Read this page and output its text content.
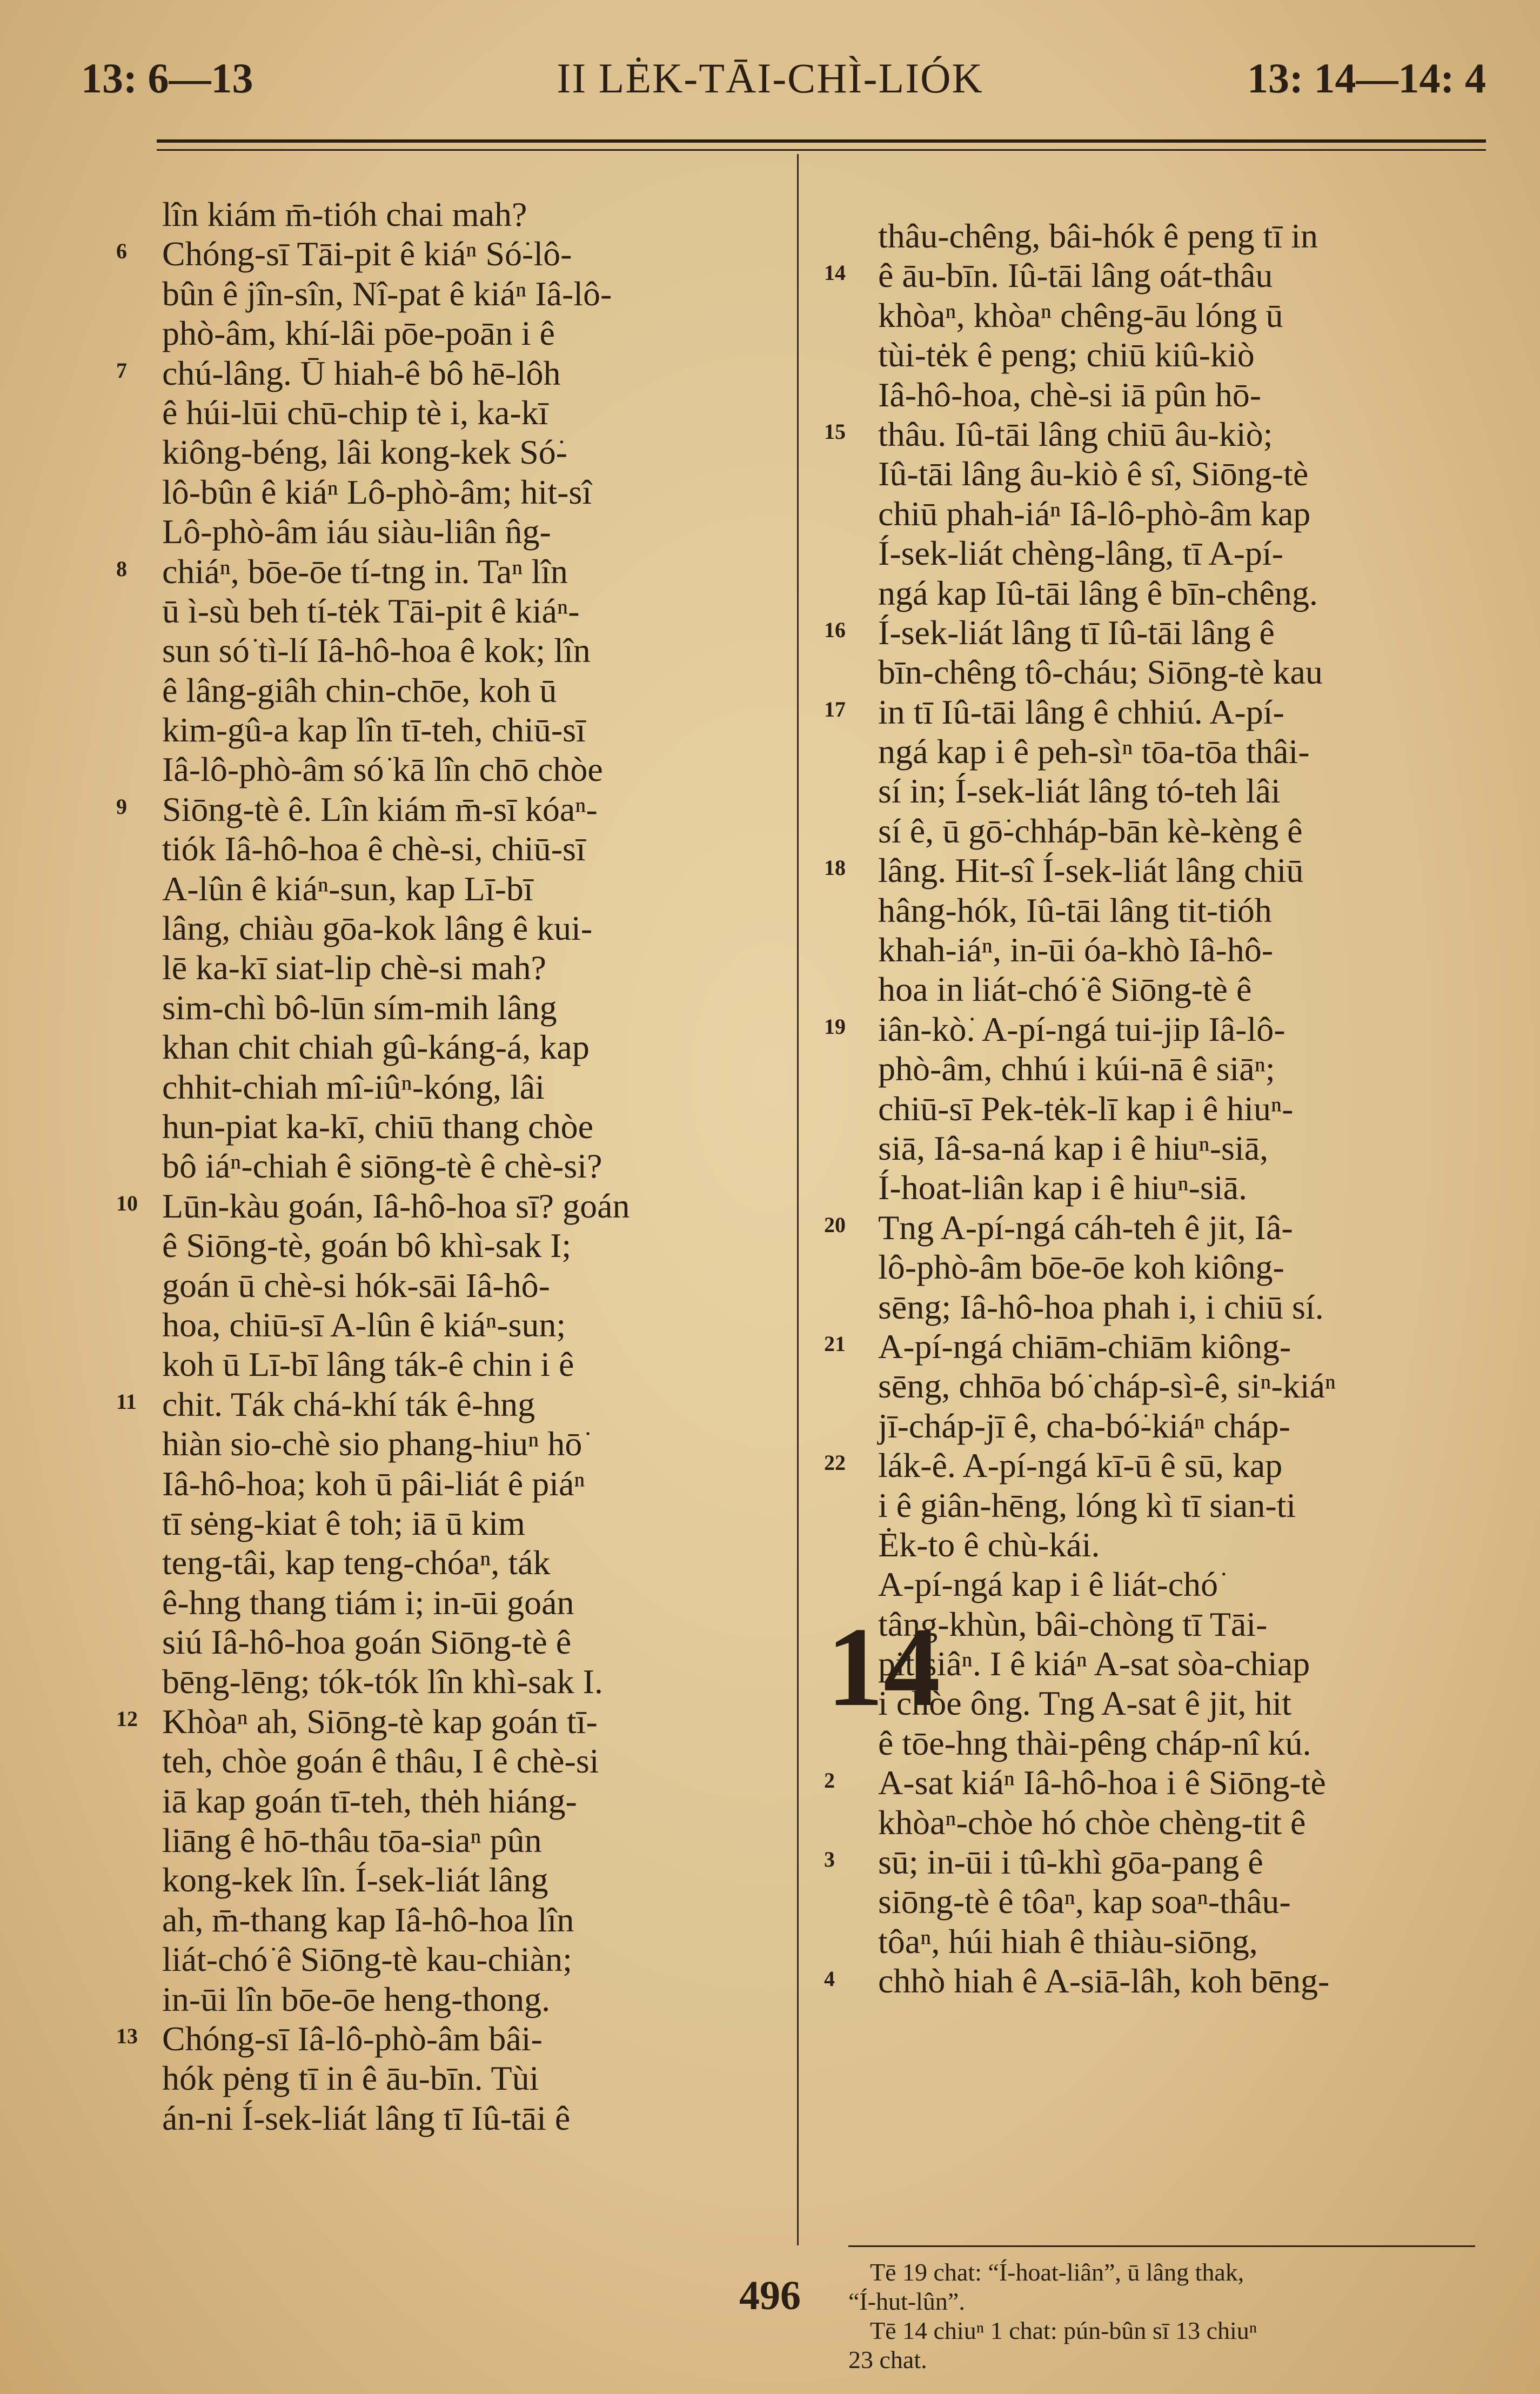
13: 6—13	II LĖK-TĀI-CHÌ-LIÓK	13: 14—14: 4
lîn kiám m̄-tióh chai mah?
Chóng-sī Tāi-pit ê kiáⁿ Só͘-lô-
bûn ê jîn-sîn, Nî-pat ê kiáⁿ Iâ-lô-
phò-âm, khí-lâi pōe-poān i ê
chú-lâng. Ū hiah-ê bô hē-lôh
ê húi-lūi chū-chip tè i, ka-kī
kiông-béng, lâi kong-kek Só͘-
lô-bûn ê kiáⁿ Lô-phò-âm; hit-sî
Lô-phò-âm iáu siàu-liân n̂g-
chiáⁿ, bōe-ōe tí-tng in. Taⁿ lîn
ū ì-sù beh tí-tėk Tāi-pit ê kiáⁿ-
sun só͘ tì-lí Iâ-hô-hoa ê kok; lîn
ê lâng-giâh chin-chōe, koh ū
kim-gû-a kap lîn tī-teh, chiū-sī
Iâ-lô-phò-âm só͘ kā lîn chō chòe
Siōng-tè ê. Lîn kiám m̄-sī kóaⁿ-
tiók Iâ-hô-hoa ê chè-si, chiū-sī
A-lûn ê kiáⁿ-sun, kap Lī-bī
lâng, chiàu gōa-kok lâng ê kui-
lē ka-kī siat-lip chè-si mah?
sim-chì bô-lūn sím-mih lâng
khan chit chiah gû-káng-á, kap
chhit-chiah mî-iûⁿ-kóng, lâi
hun-piat ka-kī, chiū thang chòe
bô iáⁿ-chiah ê siōng-tè ê chè-si?
Lūn-kàu goán, Iâ-hô-hoa sī? goán
ê Siōng-tè, goán bô khì-sak I;
goán ū chè-si hók-sāi Iâ-hô-
hoa, chiū-sī A-lûn ê kiáⁿ-sun;
koh ū Lī-bī lâng ták-ê chin i ê
chit. Ták chá-khí ták ê-hng
hiàn sio-chè sio phang-hiuⁿ hō͘
Iâ-hô-hoa; koh ū pâi-liát ê piáⁿ
tī sėng-kiat ê toh; iā ū kim
teng-tâi, kap teng-chóaⁿ, ták
ê-hng thang tiám i; in-ūi goán
siú Iâ-hô-hoa goán Siōng-tè ê
bēng-lēng; tók-tók lîn khì-sak I.
Khòaⁿ ah, Siōng-tè kap goán tī-
teh, chòe goán ê thâu, I ê chè-si
iā kap goán tī-teh, thėh hiáng-
liāng ê hō-thâu tōa-siaⁿ pûn
kong-kek lîn. Í-sek-liát lâng
ah, m̄-thang kap Iâ-hô-hoa lîn
liát-chó͘ ê Siōng-tè kau-chiàn;
in-ūi lîn bōe-ōe heng-thong.
Chóng-sī Iâ-lô-phò-âm bâi-
hók pėng tī in ê āu-bīn. Tùi
án-ni Í-sek-liát lâng tī Iû-tāi ê
6
7
8
9
10
11
12
13
thâu-chêng, bâi-hók ê peng tī in
ê āu-bīn. Iû-tāi lâng oát-thâu
khòaⁿ, khòaⁿ chêng-āu lóng ū
tùi-tėk ê peng; chiū kiû-kiò
Iâ-hô-hoa, chè-si iā pûn hō-
thâu. Iû-tāi lâng chiū âu-kiò;
Iû-tāi lâng âu-kiò ê sî, Siōng-tè
chiū phah-iáⁿ Iâ-lô-phò-âm kap
Í-sek-liát chèng-lâng, tī A-pí-
ngá kap Iû-tāi lâng ê bīn-chêng.
Í-sek-liát lâng tī Iû-tāi lâng ê
bīn-chêng tô-cháu; Siōng-tè kau
in tī Iû-tāi lâng ê chhiú. A-pí-
ngá kap i ê peh-sìⁿ tōa-tōa thâi-
sí in; Í-sek-liát lâng tó-teh lâi
sí ê, ū gō͘-chháp-bān kè-kèng ê
lâng. Hit-sî Í-sek-liát lâng chiū
hâng-hók, Iû-tāi lâng tit-tióh
khah-iáⁿ, in-ūi óa-khò Iâ-hô-
hoa in liát-chó͘ ê Siōng-tè ê
iân-kò͘. A-pí-ngá tui-jip Iâ-lô-
phò-âm, chhú i kúi-nā ê siāⁿ;
chiū-sī Pek-tėk-lī kap i ê hiuⁿ-
siā, Iâ-sa-ná kap i ê hiuⁿ-siā,
Í-hoat-liân kap i ê hiuⁿ-siā.
Tng A-pí-ngá cáh-teh ê jit, Iâ-
lô-phò-âm bōe-ōe koh kiông-
sēng; Iâ-hô-hoa phah i, i chiū sí.
A-pí-ngá chiām-chiām kiông-
sēng, chhōa bó͘ cháp-sì-ê, siⁿ-kiáⁿ
jī-cháp-jī ê, cha-bó͘-kiáⁿ cháp-
lák-ê. A-pí-ngá kī-ū ê sū, kap
i ê giân-hēng, lóng kì tī sian-ti
Ėk-to ê chù-kái.
A-pí-ngá kap i ê liát-chó͘
tâng-khùn, bâi-chòng tī Tāi-
pit siâⁿ. I ê kiáⁿ A-sat sòa-chiap
i chòe ông. Tng A-sat ê jit, hit
ê tōe-hng thài-pêng cháp-nî kú.
A-sat kiáⁿ Iâ-hô-hoa i ê Siōng-tè
khòaⁿ-chòe hó chòe chèng-tit ê
sū; in-ūi i tû-khì gōa-pang ê
siōng-tè ê tôaⁿ, kap soaⁿ-thâu-
tôaⁿ, húi hiah ê thiàu-siōng,
chhò hiah ê A-siā-lâh, koh bēng-
14
15
16
17
18
19
20
21
22
2
3
4
14
Tē 19 chat: “Í-hoat-liân”, ū lâng thak,
“Í-hut-lûn”.
Tē 14 chiuⁿ 1 chat: pún-bûn sī 13 chiuⁿ
23 chat.
496
